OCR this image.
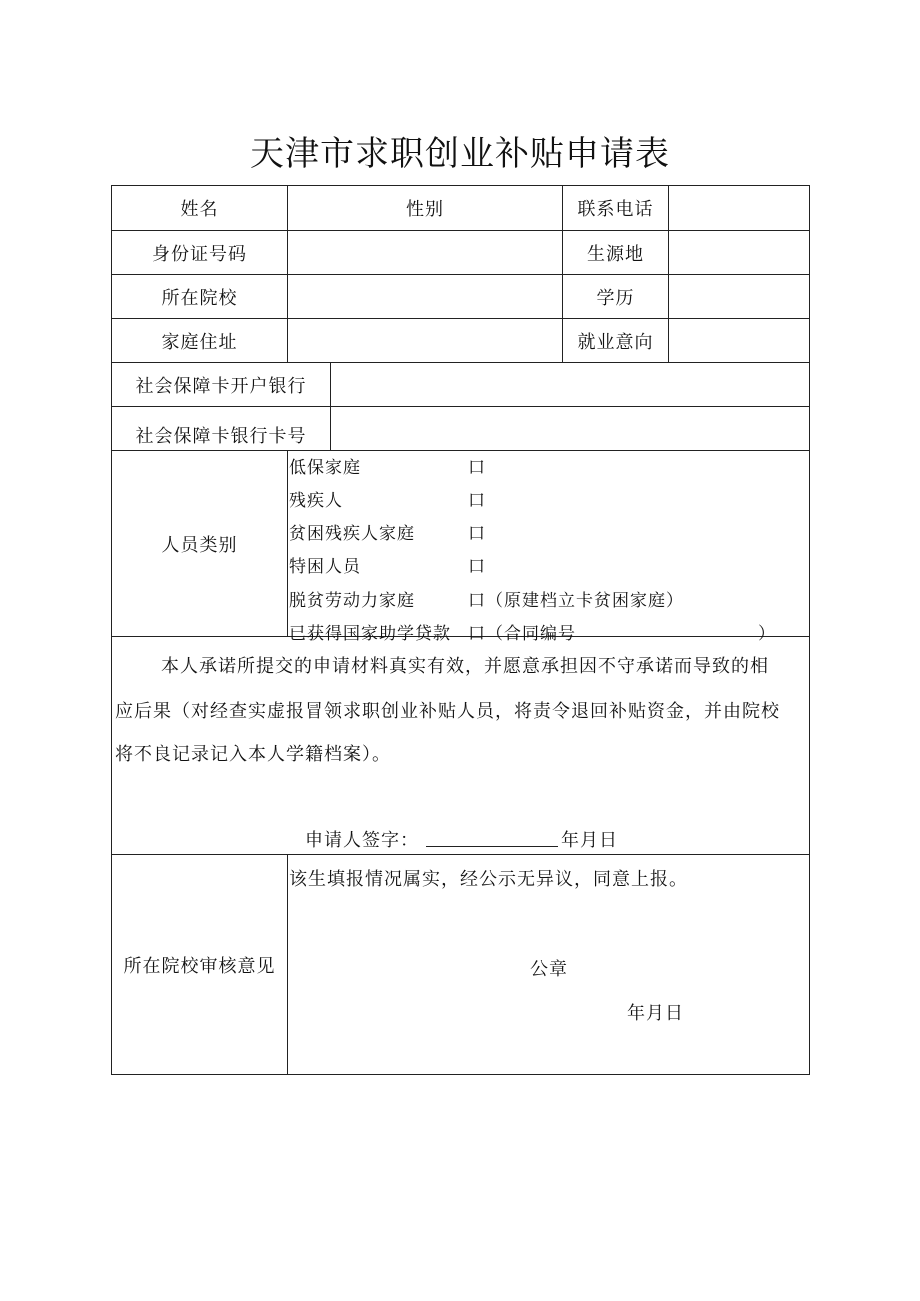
天津市求职创业补贴申请表
姓名	性别	联系电话
身份证号码	生源地
所在院校	学历
家庭住址	就业意向
社会保障卡开户银行
社会保障卡银行卡号
人员类别
低保家庭	口
残疾人	口
贫困残疾人家庭	口
特困人员	口
脱贫劳动力家庭	口 （原建档立卡贫困家庭）
已获得国家助学贷款 口 （合同编号	）
本人承诺所提交的申请材料真实有效，并愿意承担因不守承诺而导致的相
应后果（对经查实虚报冒领求职创业补贴人员，将责令退回补贴资金，并由院校
将不良记录记入本人学籍档案）。
申请人签字：	年月日
所在院校审核意见
该生填报情况属实，经公示无异议，同意上报。
公章
年月日
